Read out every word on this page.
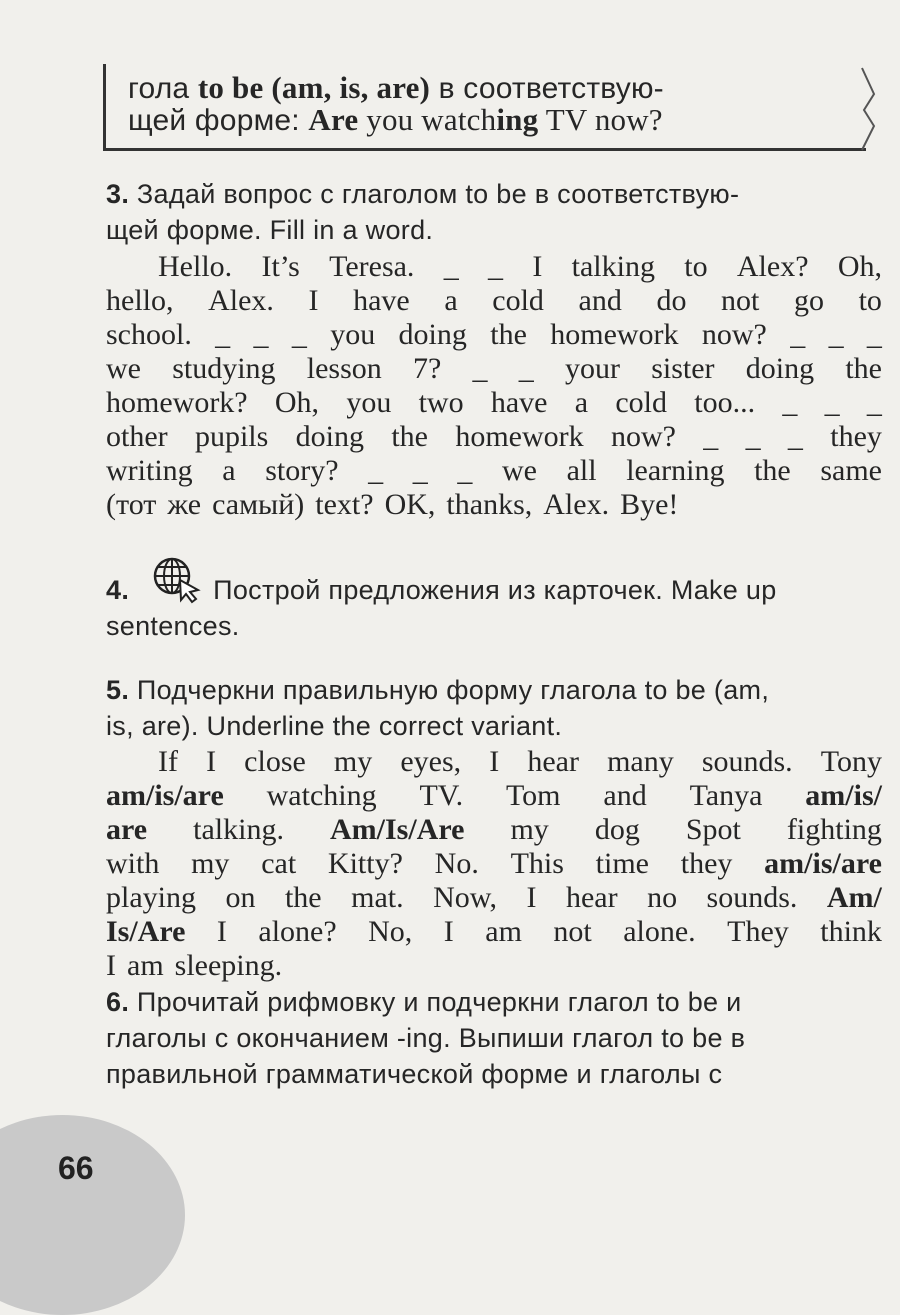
гола to be (am, is, are) в соответствую-
щей форме: Are you watching TV now?
3. Задай вопрос с глаголом to be в соответствую-
щей форме. Fill in a word.
Hello. It’s Teresa. _ _ I talking to Alex? Oh,
hello, Alex. I have a cold and do not go to
school. _ _ _ you doing the homework now? _ _ _
we studying lesson 7? _ _ your sister doing the
homework? Oh, you two have a cold too... _ _ _
other pupils doing the homework now? _ _ _ they
writing a story? _ _ _ we all learning the same
(тот же самый) text? OK, thanks, Alex. Bye!
4.	Построй предложения из карточек. Make up
sentences.
5. Подчеркни правильную форму глагола to be (am,
is, are). Underline the correct variant.
If I close my eyes, I hear many sounds. Tony
am/is/are watching TV. Tom and Tanya am/is/
are talking. Am/Is/Are my dog Spot fighting
with my cat Kitty? No. This time they am/is/are
playing on the mat. Now, I hear no sounds. Am/
Is/Are I alone? No, I am not alone. They think
I am sleeping.
6. Прочитай рифмовку и подчеркни глагол to be и
глаголы с окончанием -ing. Выпиши глагол to be в
правильной грамматической форме и глаголы с
66
